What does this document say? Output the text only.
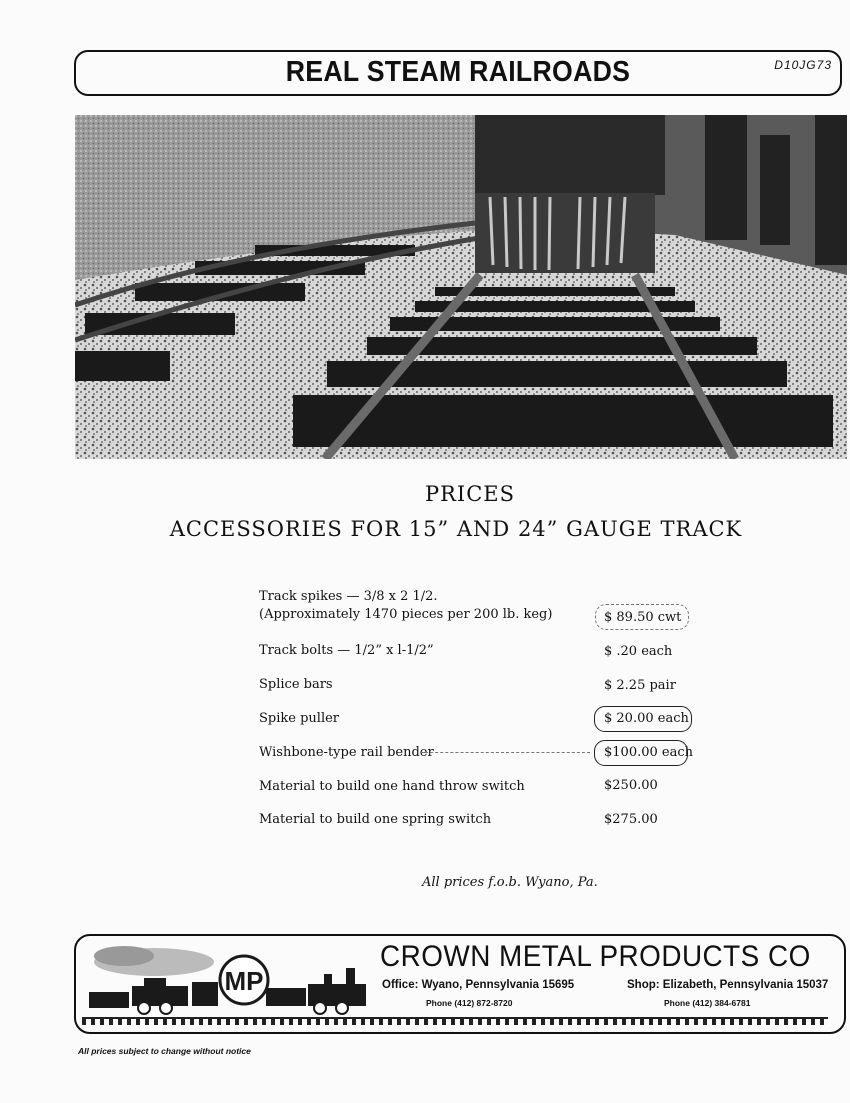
REAL STEAM RAILROADS	D10JG73
PRICES
ACCESSORIES FOR 15” AND 24” GAUGE TRACK
Track spikes — 3/8 x 2 1/2.
(Approximately 1470 pieces per 200 lb. keg)	$ 89.50 cwt
Track bolts — 1/2” x l-1/2”	$ .20 each
Splice bars	$ 2.25 pair
Spike puller	$ 20.00 each
Wishbone-type rail bender	$100.00 each
Material to build one hand throw switch	$250.00
Material to build one spring switch	$275.00
All prices f.o.b. Wyano, Pa.
MP
CROWN METAL PRODUCTS CO
Office: Wyano, Pennsylvania 15695
Phone (412) 872-8720
Shop: Elizabeth, Pennsylvania 15037
Phone (412) 384-6781
All prices subject to change without notice
